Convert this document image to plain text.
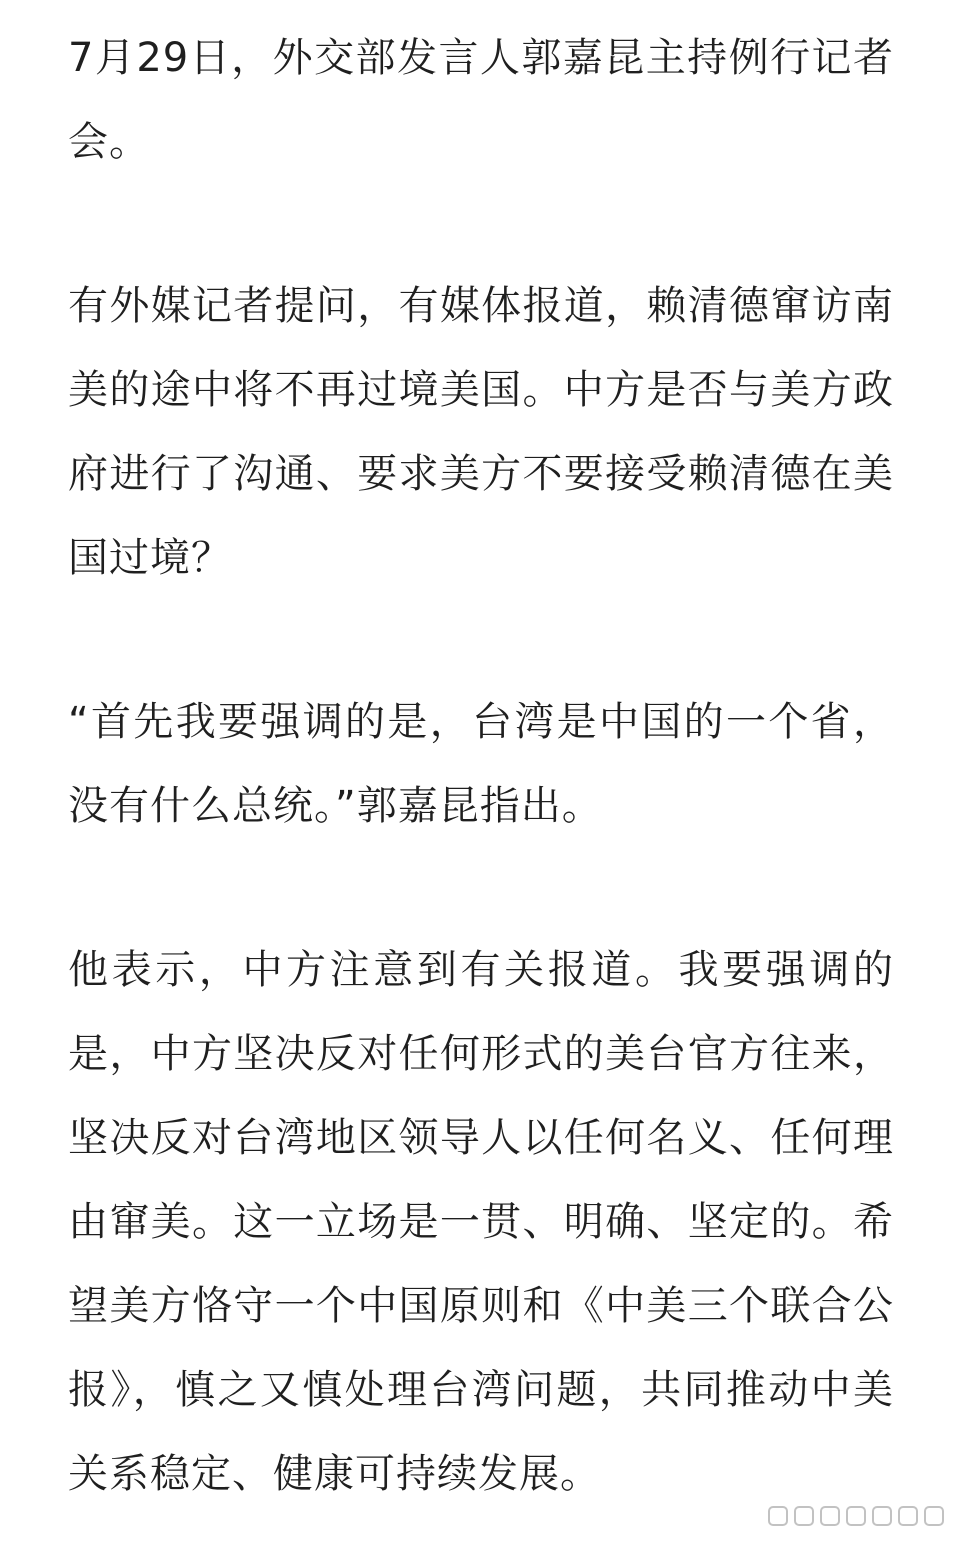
7月29日，外交部发言人郭嘉昆主持例行记者会。

有外媒记者提问，有媒体报道，赖清德窜访南美的途中将不再过境美国。中方是否与美方政府进行了沟通、要求美方不要接受赖清德在美国过境？

“首先我要强调的是，台湾是中国的一个省，没有什么总统。”郭嘉昆指出。

他表示，中方注意到有关报道。我要强调的是，中方坚决反对任何形式的美台官方往来，坚决反对台湾地区领导人以任何名义、任何理由窜美。这一立场是一贯、明确、坚定的。希望美方恪守一个中国原则和《中美三个联合公报》，慎之又慎处理台湾问题，共同推动中美关系稳定、健康可持续发展。
